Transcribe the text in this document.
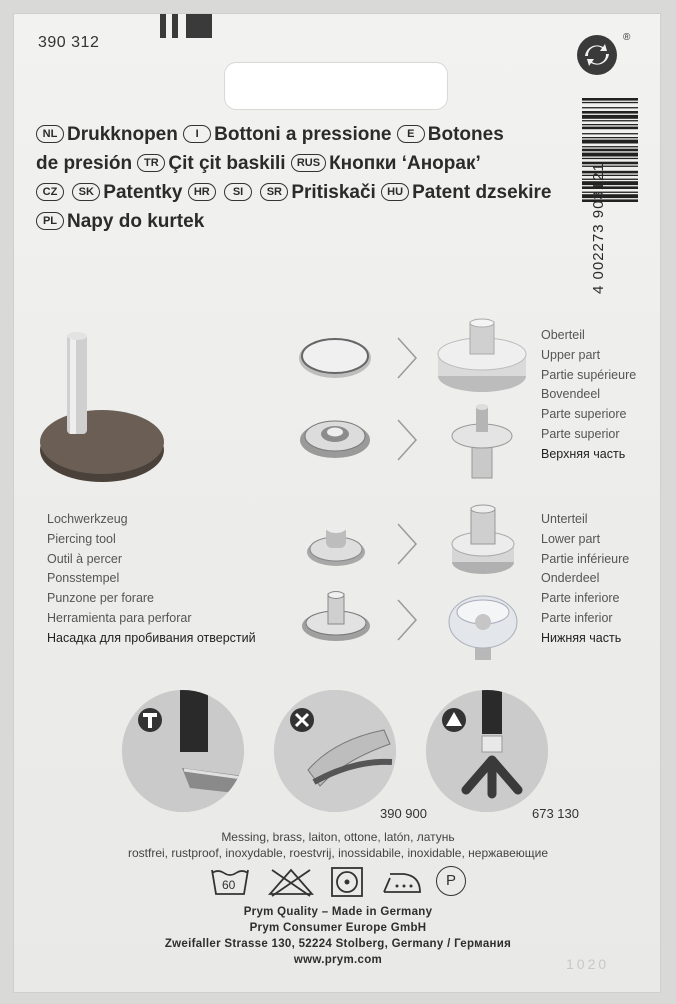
390 312	®
NL Drukknopen I Bottoni a pressione E Botones
de presión TR Çit çit baskili RUS Кнопки ‘Анорак’
CZ SK Patentky HR SI SR Pritiskači HU Patent dzsekire
PL Napy do kurtek	4 002273 903121
Oberteil
Upper part
Partie supérieure
Bovendeel
Parte superiore
Parte superior
Верхняя часть
Unterteil
Lower part
Partie inférieure
Onderdeel
Parte inferiore
Parte inferior
Нижняя часть
Lochwerkzeug
Piercing tool
Outil à percer
Ponsstempel
Punzone per forare
Herramienta para perforar
Насадка для пробивания отверстий
390 900	673 130
Messing, brass, laiton, ottone, latón, латунь
rostfrei, rustproof, inoxydable, roestvrij, inossidabile, inoxidable, нержавеющие
60	P
Prym Quality – Made in Germany
Prym Consumer Europe GmbH
Zweifaller Strasse 130, 52224 Stolberg, Germany / Германия
www.prym.com	1020
